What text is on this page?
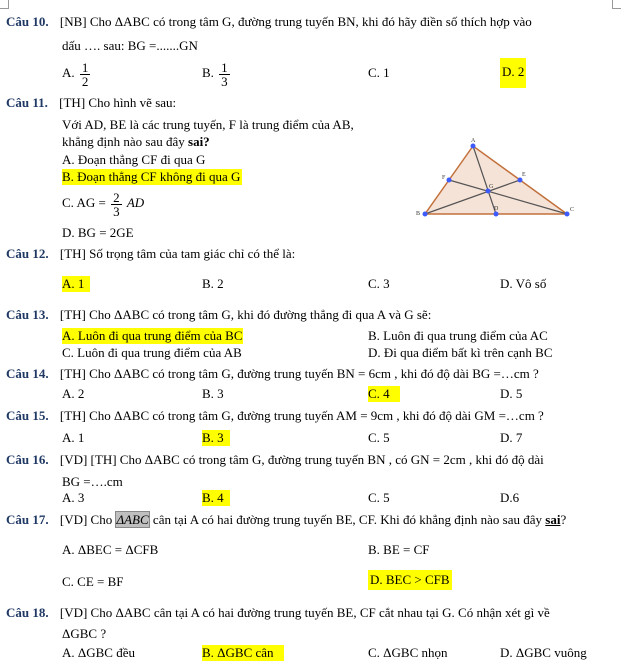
Câu 10. [NB] Cho ΔABC có trong tâm G, đường trung tuyến BN, khi đó hãy điền số thích hợp vào
dấu …. sau: BG =.......GN
A. $\frac{1}{2}$	B. $\frac{1}{3}$	C. 1	D. 2
Câu 11. [TH] Cho hình vẽ sau:
Với AD, BE là các trung tuyến, F là trung điểm của AB,
khẳng định nào sau đây sai?
A. Đoạn thẳng CF đi qua G
B. Đoạn thẳng CF không đi qua G
C. AG = $\frac{2}{3}$ AD
D. BG = 2GE
A
B
C
D
E
F
G
Câu 12. [TH] Số trọng tâm của tam giác chỉ có thể là:
A. 1	B. 2	C. 3	D. Vô số
Câu 13. [TH] Cho ΔABC có trong tâm G, khi đó đường thẳng đi qua A và G sẽ:
A. Luôn đi qua trung điểm của BC	B. Luôn đi qua trung điểm của AC
C. Luôn đi qua trung điểm của AB	D. Đi qua điểm bất kì trên cạnh BC
Câu 14. [TH] Cho ΔABC có trong tâm G, đường trung tuyến BN = 6cm , khi đó độ dài BG =…cm ?
A. 2	B. 3	C. 4	D. 5
Câu 15. [TH] Cho ΔABC có trong tâm G, đường trung tuyến AM = 9cm , khi đó độ dài GM =…cm ?
A. 1	B. 3	C. 5	D. 7
Câu 16. [VD] [TH] Cho ΔABC có trong tâm G, đường trung tuyến BN , có GN = 2cm , khi đó độ dài
BG =….cm
A. 3	B. 4	C. 5	D.6
Câu 17. [VD] Cho ΔABC cân tại A có hai đường trung tuyến BE, CF. Khi đó khẳng định nào sau đây sai?
A. ΔBEC = ΔCFB	B. BE = CF
C. CE = BF	D. BEC > CFB
Câu 18. [VD] Cho ΔABC cân tại A có hai đường trung tuyến BE, CF cắt nhau tại G. Có nhận xét gì về
ΔGBC ?
A. ΔGBC đều	B. ΔGBC cân	C. ΔGBC nhọn	D. ΔGBC vuông
